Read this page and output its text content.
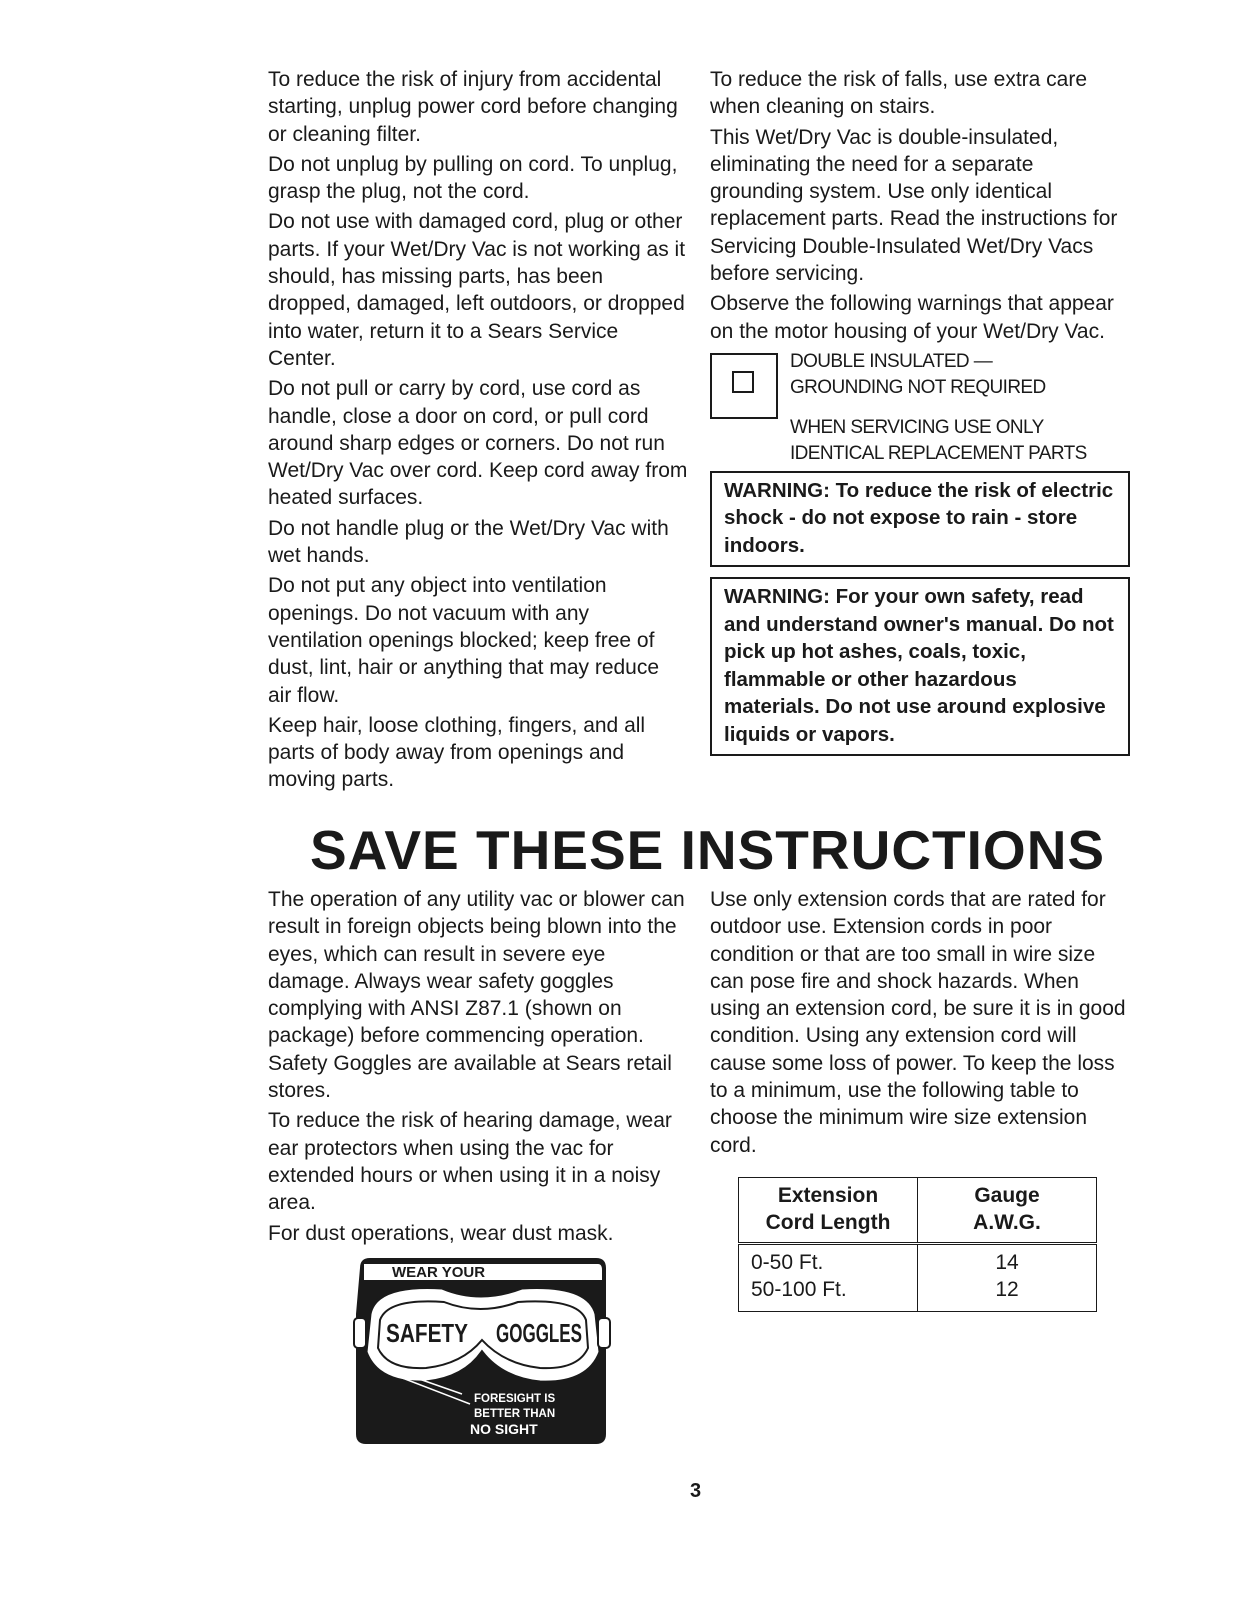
To reduce the risk of injury from accidental starting, unplug power cord before changing or cleaning filter.

Do not unplug by pulling on cord. To unplug, grasp the plug, not the cord.

Do not use with damaged cord, plug or other parts. If your Wet/Dry Vac is not working as it should, has missing parts, has been dropped, damaged, left outdoors, or dropped into water, return it to a Sears Service Center.

Do not pull or carry by cord, use cord as handle, close a door on cord, or pull cord around sharp edges or corners. Do not run Wet/Dry Vac over cord. Keep cord away from heated surfaces.

Do not handle plug or the Wet/Dry Vac with wet hands.

Do not put any object into ventilation openings. Do not vacuum with any ventilation openings blocked; keep free of dust, lint, hair or anything that may reduce air flow.

Keep hair, loose clothing, fingers, and all parts of body away from openings and moving parts.

To reduce the risk of falls, use extra care when cleaning on stairs.

This Wet/Dry Vac is double-insulated, eliminating the need for a separate grounding system. Use only identical replacement parts. Read the instructions for Servicing Double-Insulated Wet/Dry Vacs before servicing.

Observe the following warnings that appear on the motor housing of your Wet/Dry Vac.

DOUBLE INSULATED —
GROUNDING NOT REQUIRED
WHEN SERVICING USE ONLY
IDENTICAL REPLACEMENT PARTS
WARNING: To reduce the risk of electric shock - do not expose to rain - store indoors.
WARNING: For your own safety, read and understand owner's manual. Do not pick up hot ashes, coals, toxic, flammable or other hazardous materials. Do not use around explosive liquids or vapors.
SAVE THESE INSTRUCTIONS

The operation of any utility vac or blower can result in foreign objects being blown into the eyes, which can result in severe eye damage. Always wear safety goggles complying with ANSI Z87.1 (shown on package) before commencing operation. Safety Goggles are available at Sears retail stores.

To reduce the risk of hearing damage, wear ear protectors when using the vac for extended hours or when using it in a noisy area.

For dust operations, wear dust mask.

WEAR YOUR
SAFETY GOGGLES
FORESIGHT IS
BETTER THAN
NO SIGHT

Use only extension cords that are rated for outdoor use. Extension cords in poor condition or that are too small in wire size can pose fire and shock hazards. When using an extension cord, be sure it is in good condition. Using any extension cord will cause some loss of power. To keep the loss to a minimum, use the following table to choose the minimum wire size extension cord.

Extension
Cord Length	Gauge
A.W.G.
0-50 Ft.	14
50-100 Ft.	12
3
